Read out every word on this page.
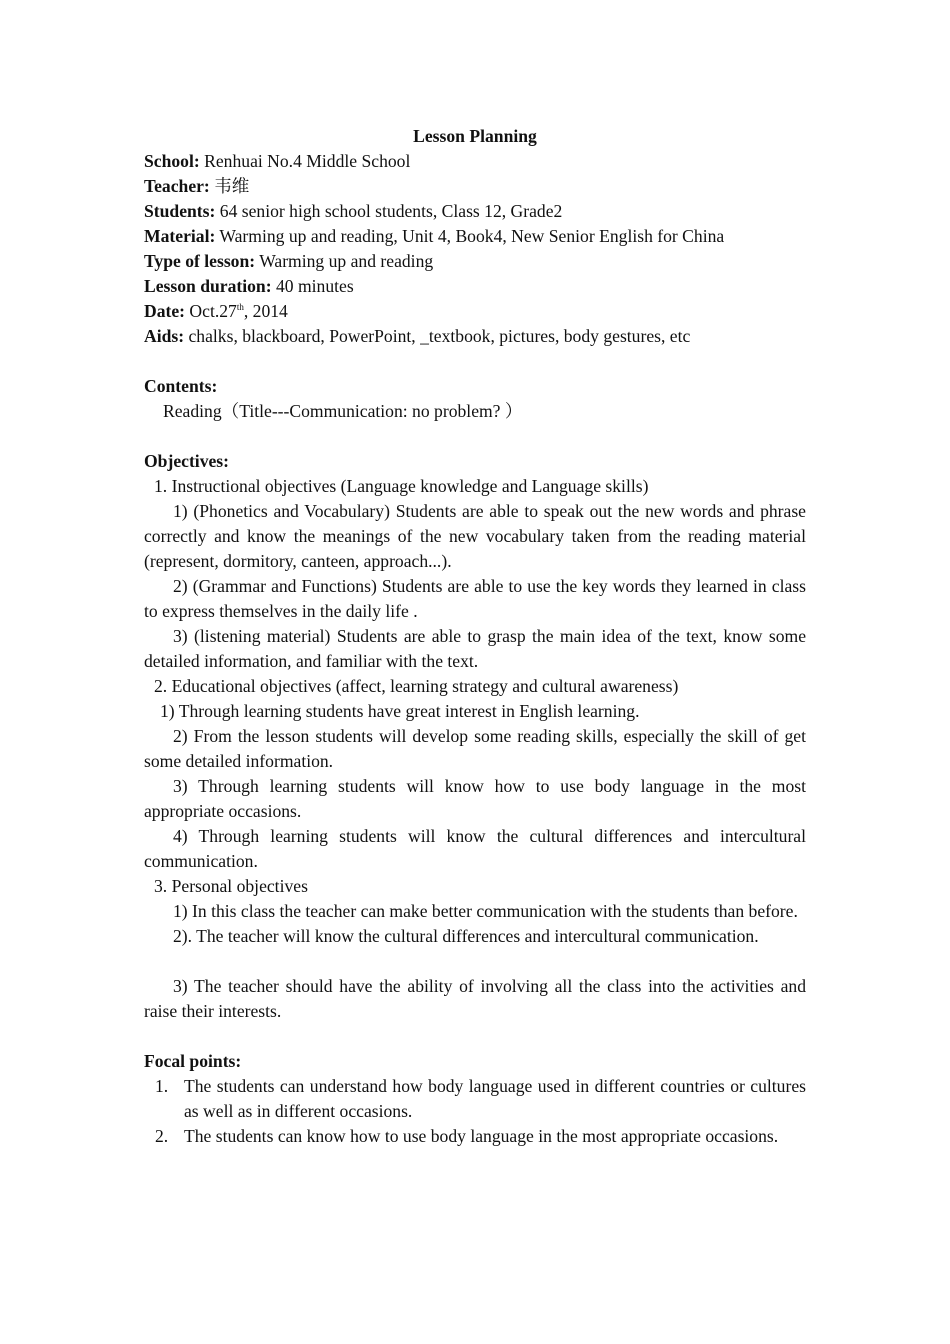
Lesson Planning
School: Renhuai No.4 Middle School
Teacher: 韦维
Students: 64 senior high school students, Class 12, Grade2
Material: Warming up and reading, Unit 4, Book4, New Senior English for China
Type of lesson: Warming up and reading
Lesson duration: 40 minutes
Date: Oct.27th, 2014
Aids: chalks, blackboard, PowerPoint, _textbook, pictures, body gestures, etc
Contents:
Reading（Title---Communication: no problem? ）
Objectives:
1. Instructional objectives (Language knowledge and Language skills)
1) (Phonetics and Vocabulary) Students are able to speak out the new words and phrase correctly and know the meanings of the new vocabulary taken from the reading material (represent, dormitory, canteen, approach...).
2) (Grammar and Functions) Students are able to use the key words they learned in class to express themselves in the daily life .
3) (listening material) Students are able to grasp the main idea of the text, know some detailed information, and familiar with the text.
2. Educational objectives (affect, learning strategy and cultural awareness)
1) Through learning students have great interest in English learning.
2) From the lesson students will develop some reading skills, especially the skill of get some detailed information.
3) Through learning students will know how to use body language in the most appropriate occasions.
4) Through learning students will know the cultural differences and intercultural communication.
3. Personal objectives
1) In this class the teacher can make better communication with the students than before.
2). The teacher will know the cultural differences and intercultural communication.
3) The teacher should have the ability of involving all the class into the activities and raise their interests.
Focal points:
1. The students can understand how body language used in different countries or cultures as well as in different occasions.
2. The students can know how to use body language in the most appropriate occasions.
